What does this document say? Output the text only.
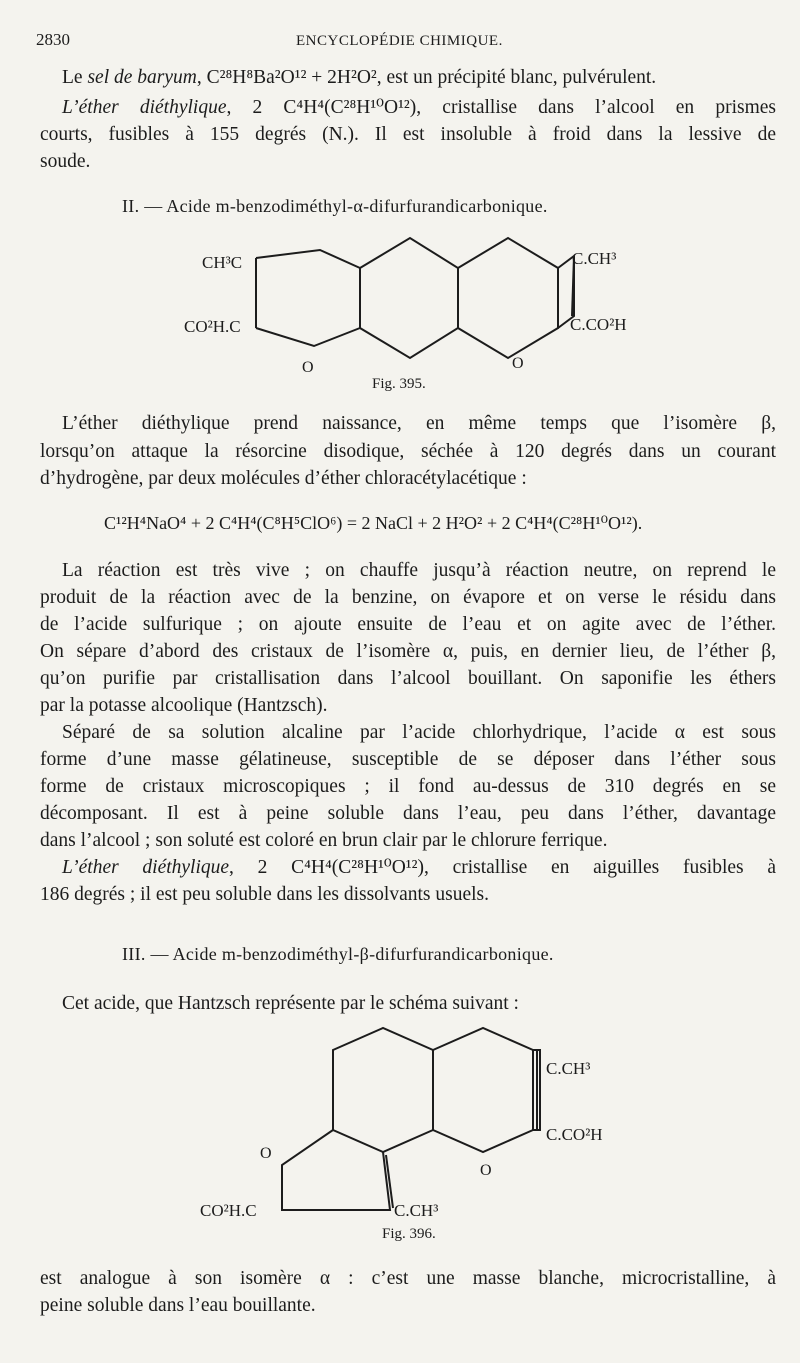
2830	ENCYCLOPÉDIE CHIMIQUE.
Le sel de baryum, C²⁸H⁸Ba²O¹² + 2H²O², est un précipité blanc, pulvérulent.
L’éther diéthylique, 2 C⁴H⁴(C²⁸H¹⁰O¹²), cristallise dans l’alcool en prismes
courts, fusibles à 155 degrés (N.). Il est insoluble à froid dans la lessive de
soude.
II. — Acide m-benzodiméthyl-α-difurfurandicarbonique.
CH³C
CO²H.C
C.CH³
C.CO²H
O	O
Fig. 395.
L’éther diéthylique prend naissance, en même temps que l’isomère β,
lorsqu’on attaque la résorcine disodique, séchée à 120 degrés dans un courant
d’hydrogène, par deux molécules d’éther chloracétylacétique :
C¹²H⁴NaO⁴ + 2 C⁴H⁴(C⁸H⁵ClO⁶) = 2 NaCl + 2 H²O² + 2 C⁴H⁴(C²⁸H¹⁰O¹²).
La réaction est très vive ; on chauffe jusqu’à réaction neutre, on reprend le
produit de la réaction avec de la benzine, on évapore et on verse le résidu dans
de l’acide sulfurique ; on ajoute ensuite de l’eau et on agite avec de l’éther.
On sépare d’abord des cristaux de l’isomère α, puis, en dernier lieu, de l’éther β,
qu’on purifie par cristallisation dans l’alcool bouillant. On saponifie les éthers
par la potasse alcoolique (Hantzsch).
Séparé de sa solution alcaline par l’acide chlorhydrique, l’acide α est sous
forme d’une masse gélatineuse, susceptible de se déposer dans l’éther sous
forme de cristaux microscopiques ; il fond au-dessus de 310 degrés en se
décomposant. Il est à peine soluble dans l’eau, peu dans l’éther, davantage
dans l’alcool ; son soluté est coloré en brun clair par le chlorure ferrique.
L’éther diéthylique, 2 C⁴H⁴(C²⁸H¹⁰O¹²), cristallise en aiguilles fusibles à
186 degrés ; il est peu soluble dans les dissolvants usuels.
III. — Acide m-benzodiméthyl-β-difurfurandicarbonique.
Cet acide, que Hantzsch représente par le schéma suivant :
C.CH³
C.CO²H
O
O
CO²H.C	C.CH³
Fig. 396.
est analogue à son isomère α : c’est une masse blanche, microcristalline, à
peine soluble dans l’eau bouillante.
